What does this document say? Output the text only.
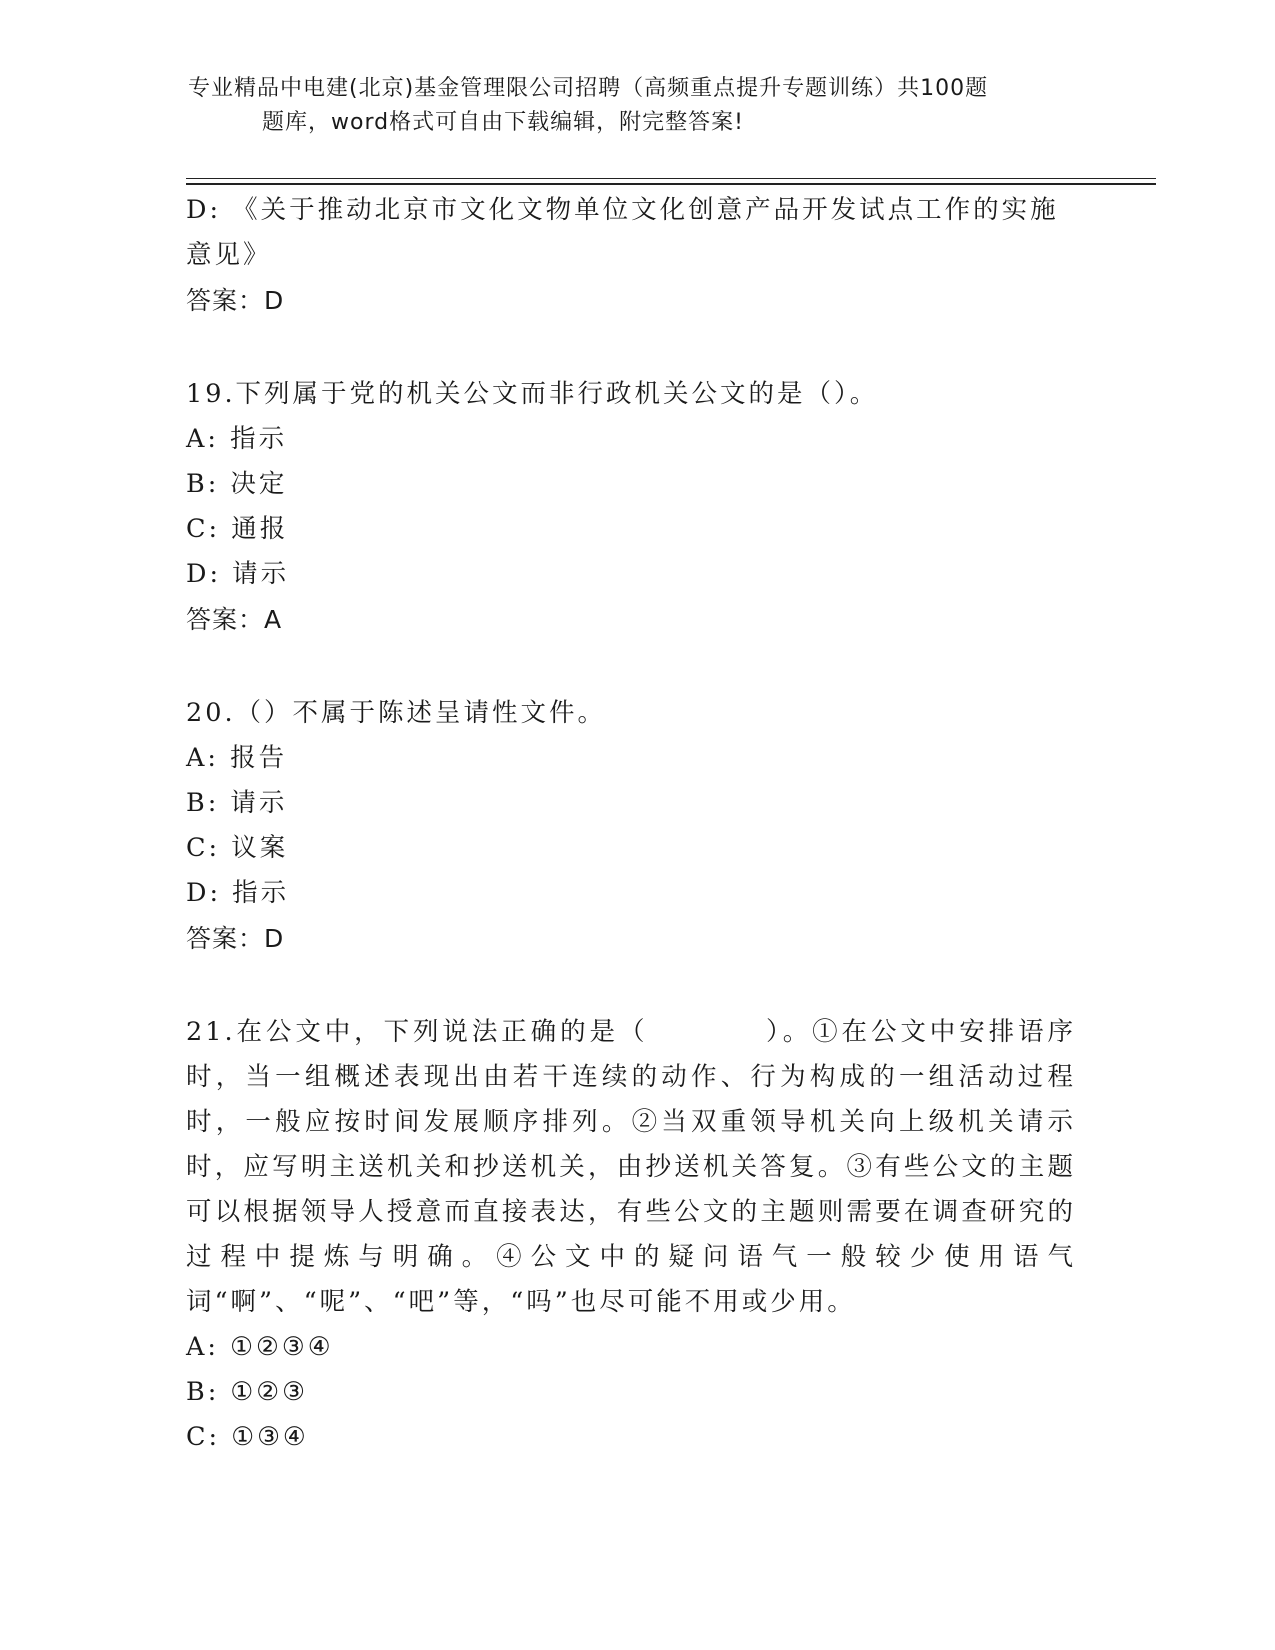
专业精品中电建(北京)基金管理限公司招聘（高频重点提升专题训练）共100题
题库，word格式可自由下载编辑，附完整答案!
D: 《关于推动北京市文化文物单位文化创意产品开发试点工作的实施意见》
答案：D
19.下列属于党的机关公文而非行政机关公文的是（）。
A: 指示
B: 决定
C: 通报
D: 请示
答案：A
20.（）不属于陈述呈请性文件。
A: 报告
B: 请示
C: 议案
D: 指示
答案：D
21.在公文中，下列说法正确的是（　　　　）。①在公文中安排语序时，当一组概述表现出由若干连续的动作、行为构成的一组活动过程时，一般应按时间发展顺序排列。②当双重领导机关向上级机关请示时，应写明主送机关和抄送机关，由抄送机关答复。③有些公文的主题可以根据领导人授意而直接表达，有些公文的主题则需要在调查研究的过程中提炼与明确。④公文中的疑问语气一般较少使用语气词“啊”、“呢”、“吧”等，“吗”也尽可能不用或少用。
A: ①②③④
B: ①②③
C: ①③④
